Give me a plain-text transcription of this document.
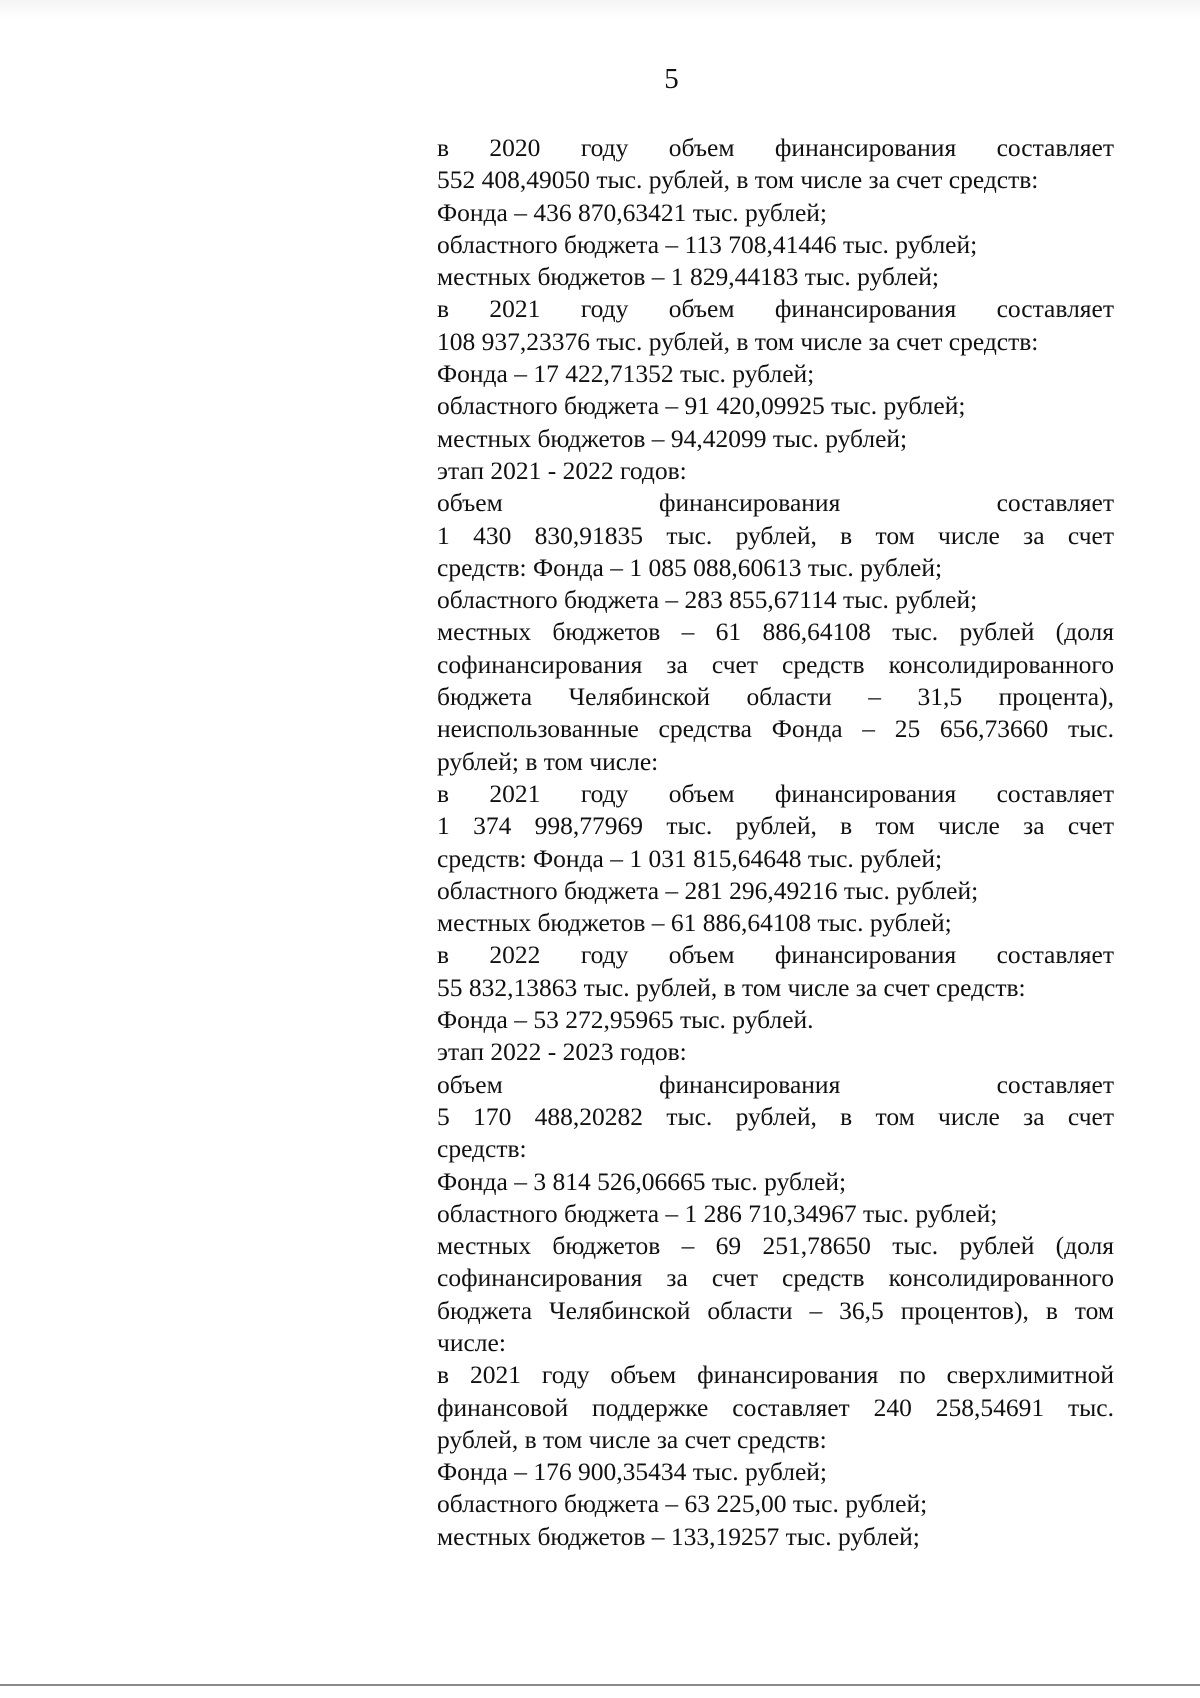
5

в 2020 году объем финансирования составляет

552 408,49050 тыс. рублей, в том числе за счет средств:

Фонда – 436 870,63421 тыс. рублей;

областного бюджета – 113 708,41446 тыс. рублей;

местных бюджетов – 1 829,44183 тыс. рублей;

в 2021 году объем финансирования составляет

108 937,23376 тыс. рублей, в том числе за счет средств:

Фонда – 17 422,71352 тыс. рублей;

областного бюджета – 91 420,09925 тыс. рублей;

местных бюджетов – 94,42099 тыс. рублей;

этап 2021 - 2022 годов:

объем финансирования составляет

1 430 830,91835 тыс. рублей, в том числе за счет

средств: Фонда – 1 085 088,60613 тыс. рублей;

областного бюджета – 283 855,67114 тыс. рублей;

местных бюджетов – 61 886,64108 тыс. рублей (доля

софинансирования за счет средств консолидированного

бюджета Челябинской области – 31,5 процента),

неиспользованные средства Фонда – 25 656,73660 тыс.

рублей; в том числе:

в 2021 году объем финансирования составляет

1 374 998,77969 тыс. рублей, в том числе за счет

средств: Фонда – 1 031 815,64648 тыс. рублей;

областного бюджета – 281 296,49216 тыс. рублей;

местных бюджетов – 61 886,64108 тыс. рублей;

в 2022 году объем финансирования составляет

55 832,13863 тыс. рублей, в том числе за счет средств:

Фонда – 53 272,95965 тыс. рублей.

этап 2022 - 2023 годов:

объем финансирования составляет

5 170 488,20282 тыс. рублей, в том числе за счет

средств:

Фонда – 3 814 526,06665 тыс. рублей;

областного бюджета – 1 286 710,34967 тыс. рублей;

местных бюджетов – 69 251,78650 тыс. рублей (доля

софинансирования за счет средств консолидированного

бюджета Челябинской области – 36,5 процентов), в том

числе:

в 2021 году объем финансирования по сверхлимитной

финансовой поддержке составляет 240 258,54691 тыс.

рублей, в том числе за счет средств:

Фонда – 176 900,35434 тыс. рублей;

областного бюджета – 63 225,00 тыс. рублей;

местных бюджетов – 133,19257 тыс. рублей;
